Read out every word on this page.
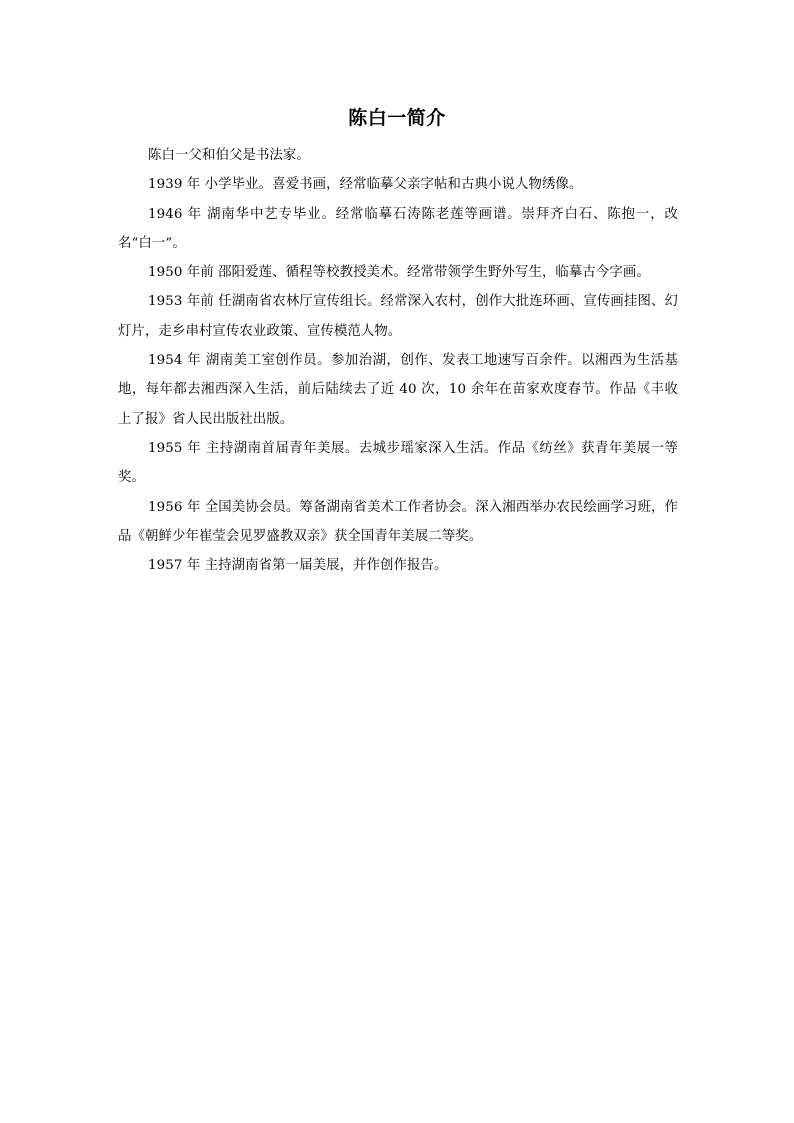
陈白一简介

陈白一父和伯父是书法家。

1939 年 小学毕业。喜爱书画，经常临摹父亲字帖和古典小说人物绣像。

1946 年 湖南华中艺专毕业。经常临摹石涛陈老莲等画谱。崇拜齐白石、陈抱一，改名“白一”。

1950 年前 邵阳爱莲、循程等校教授美术。经常带领学生野外写生，临摹古今字画。

1953 年前 任湖南省农林厅宣传组长。经常深入农村，创作大批连环画、宣传画挂图、幻灯片，走乡串村宣传农业政策、宣传模范人物。

1954 年 湖南美工室创作员。参加治湖，创作、发表工地速写百余件。以湘西为生活基地，每年都去湘西深入生活，前后陆续去了近 40 次，10 余年在苗家欢度春节。作品《丰收上了报》省人民出版社出版。

1955 年 主持湖南首届青年美展。去城步瑶家深入生活。作品《纺丝》获青年美展一等奖。

1956 年 全国美协会员。筹备湖南省美术工作者协会。深入湘西举办农民绘画学习班，作品《朝鲜少年崔莹会见罗盛教双亲》获全国青年美展二等奖。

1957 年 主持湖南省第一届美展，并作创作报告。
